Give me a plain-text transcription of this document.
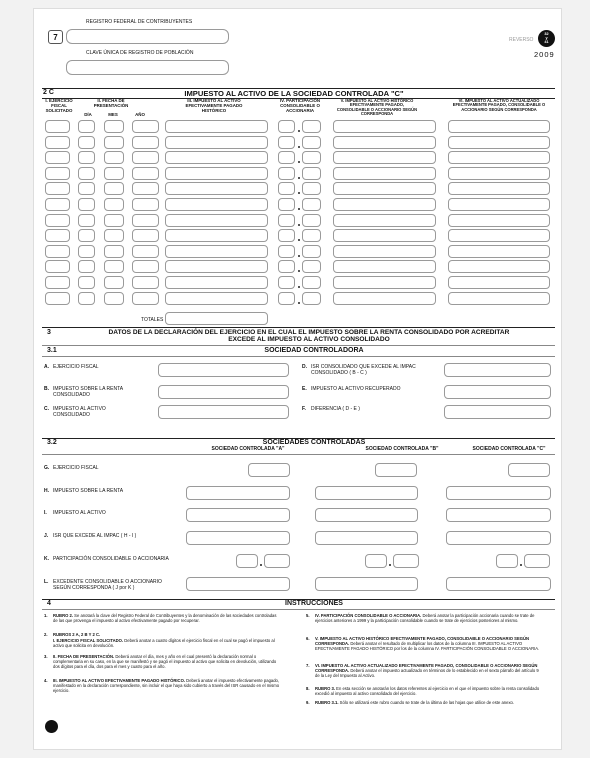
7
REGISTRO FEDERAL DE CONTRIBUYENTES
CLAVE ÚNICA DE REGISTRO DE POBLACIÓN
REVERSO
32
y
41
2009
2 C	IMPUESTO AL ACTIVO DE LA SOCIEDAD CONTROLADA "C"
I. EJERCICIO FISCAL SOLICITADO
II. FECHA DE PRESENTACIÓN
DÍA	MES	AÑO
III. IMPUESTO AL ACTIVO EFECTIVAMENTE PAGADO HISTÓRICO
IV. PARTICIPACIÓN CONSOLIDABLE O ACCIONARIA
V. IMPUESTO AL ACTIVO HISTÓRICO EFECTIVAMENTE PAGADO, CONSOLIDABLE O ACCIONARIO SEGÚN CORRESPONDA
VI. IMPUESTO AL ACTIVO ACTUALIZADO EFECTIVAMENTE PAGADO, CONSOLIDABLE O ACCIONARIO SEGÚN CORRESPONDA
TOTALES
3	DATOS DE LA DECLARACIÓN DEL EJERCICIO EN EL CUAL EL IMPUESTO SOBRE LA RENTA CONSOLIDADO POR ACREDITAR
EXCEDE AL IMPUESTO AL ACTIVO CONSOLIDADO
3.1	SOCIEDAD CONTROLADORA
A. EJERCICIO FISCAL
B. IMPUESTO SOBRE LA RENTA CONSOLIDADO
C. IMPUESTO AL ACTIVO CONSOLIDADO
D. ISR CONSOLIDADO QUE EXCEDE AL IMPAC CONSOLIDADO ( B - C )
E. IMPUESTO AL ACTIVO RECUPERADO
F.	DIFERENCIA ( D - E )
3.2	SOCIEDADES CONTROLADAS
SOCIEDAD CONTROLADA "A"	SOCIEDAD CONTROLADA "B"	SOCIEDAD CONTROLADA "C"
G. EJERCICIO FISCAL
H. IMPUESTO SOBRE LA RENTA
I.	IMPUESTO AL ACTIVO
J. ISR QUE EXCEDE AL IMPAC ( H - I )
K. PARTICIPACIÓN CONSOLIDABLE O ACCIONARIA
L. EXCEDENTE CONSOLIDABLE O ACCIONARIO SEGÚN CORRESPONDA ( J por K )
4	INSTRUCCIONES
1. RUBRO 2. Se anotará la clave del Registro Federal de Contribuyentes y la denominación de las sociedades controladas de las que provenga el impuesto al activo efectivamente pagado por recuperar.
2. RUBROS 2 A, 2 B Y 2 C.
I. EJERCICIO FISCAL SOLICITADO. Deberá anotar a cuatro dígitos el ejercicio fiscal en el cual se pagó el impuesto al activo que solicita en devolución.
3. II. FECHA DE PRESENTACIÓN. Deberá anotar el día, mes y año en el cual presentó la declaración normal o complementaria en su caso, en la que se manifestó y se pagó el impuesto al activo que solicita en devolución, utilizando dos dígitos para el día, dos para el mes y cuatro para el año.
4. III. IMPUESTO AL ACTIVO EFECTIVAMENTE PAGADO HISTÓRICO. Deberá anotar el impuesto efectivamente pagado, manifestado en la declaración correspondiente, sin incluir el que haya sido cubierto a través del ISR causado en el mismo ejercicio.
5. IV. PARTICIPACIÓN CONSOLIDABLE O ACCIONARIA. Deberá anotar la participación accionaria cuando se trate de ejercicios anteriores a 1999 y la participación consolidable cuando se trate de ejercicios posteriores al mismo.
6. V. IMPUESTO AL ACTIVO HISTÓRICO EFECTIVAMENTE PAGADO, CONSOLIDABLE O ACCIONARIO SEGÚN CORRESPONDA. Deberá anotar el resultado de multiplicar los datos de la columna III. IMPUESTO AL ACTIVO EFECTIVAMENTE PAGADO HISTÓRICO por los de la columna IV. PARTICIPACIÓN CONSOLIDABLE O ACCIONARIA.
7. VI. IMPUESTO AL ACTIVO ACTUALIZADO EFECTIVAMENTE PAGADO, CONSOLIDABLE O ACCIONARIO SEGÚN CORRESPONDA. Deberá anotar el impuesto actualizado en términos de lo establecido en el sexto párrafo del artículo 9 de la Ley del Impuesto al Activo.
8. RUBRO 3. En esta sección se anotarán los datos referentes al ejercicio en el que el impuesto sobre la renta consolidado excedió al impuesto al activo consolidado del ejercicio.
9. RUBRO 3.1. Sólo se utilizará este rubro cuando se trate de la última de las hojas que utilice de este anexo.
